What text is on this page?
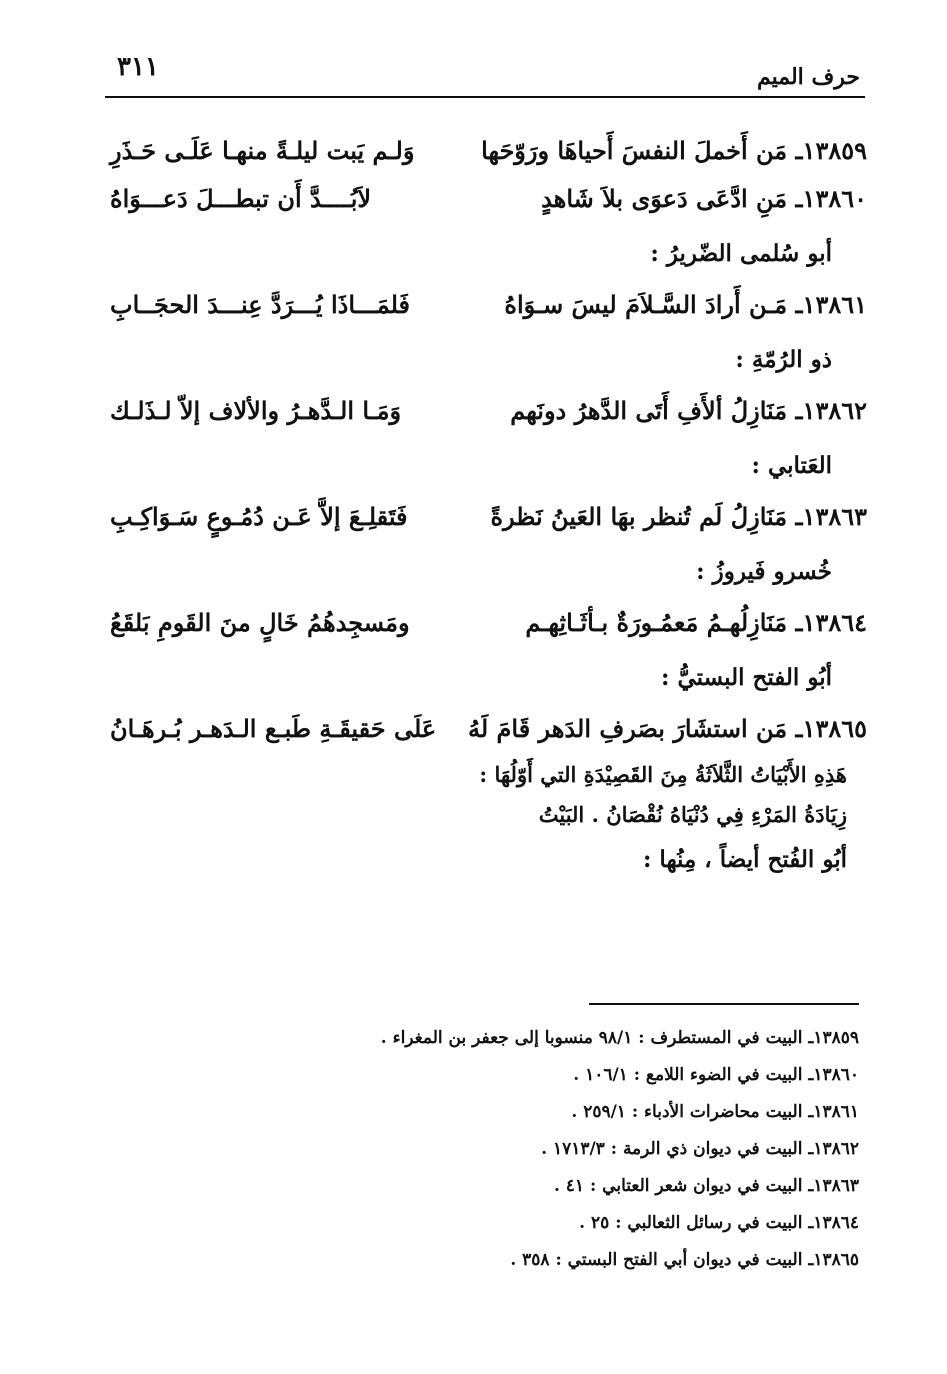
حرف الميم
٣١١
١٣٨٥٩ـ مَن أَخملَ النفسَ أَحياهَا ورَوّحَها
وَلـم يَبت ليلـةً منهـا عَلَـى حَـذَرِ
١٣٨٦٠ـ مَنِ ادَّعَى دَعوَى بلاَ شَاهدٍ
لاَبُــــدَّ أَن تبطـــلَ دَعـــوَاهُ
أبو سُلمى الضّريرُ :
١٣٨٦١ـ مَـن أَرادَ السَّـلاَمَ ليسَ سـوَاهُ
فَلمَـــاذَا يُـــرَدَّ عِنـــدَ الحجَــابِ
ذو الرُمّةِ :
١٣٨٦٢ـ مَنَازِلُ ألأَفِ أَتَى الدَّهرُ دونَهم
وَمَـا الـدَّهـرُ والألاف إلاّ لـذَلـك
العَتابي :
١٣٨٦٣ـ مَنَازِلُ لَم تُنظر بهَا العَينُ نَظرةً
فَتَقلِـعَ إلاَّ عَـن دُمُـوعٍ سَـوَاكِـبِ
خُسرو فَيروزُ :
١٣٨٦٤ـ مَنَازِلُهـمُ مَعمُـورَةٌ بـأثَـاثِهـم
ومَسجِدهُمُ خَالٍ منَ القَومِ بَلقَعُ
أبُو الفتح البستيُّ :
١٣٨٦٥ـ مَن استشَارَ بصَرفِ الدَهر قَامَ لَهُ
عَلَى حَقيقَـةِ طَبـع الـدَهـر بُـرهَـانُ
هَذِهِ الأَبْيَاتُ الثَّلاَثَةُ مِنَ القَصِيْدَةِ التي أَوّلُهَا :
زِيَادَةُ المَرْءِ فِي دُنْيَاهُ نُقْصَانُ . البَيْتُ
أبُو الفُتح أيضاً ، مِنُها :
١٣٨٥٩ـ البيت في المستطرف : ٩٨/١ منسوبا إلى جعفر بن المغراء .
١٣٨٦٠ـ البيت في الضوء اللامع : ١٠٦/١ .
١٣٨٦١ـ البيت محاضرات الأدباء : ٢٥٩/١ .
١٣٨٦٢ـ البيت في ديوان ذي الرمة : ١٧١٣/٣ .
١٣٨٦٣ـ البيت في ديوان شعر العتابي : ٤١ .
١٣٨٦٤ـ البيت في رسائل الثعالبي : ٢٥ .
١٣٨٦٥ـ البيت في ديوان أبي الفتح البستي : ٣٥٨ .
